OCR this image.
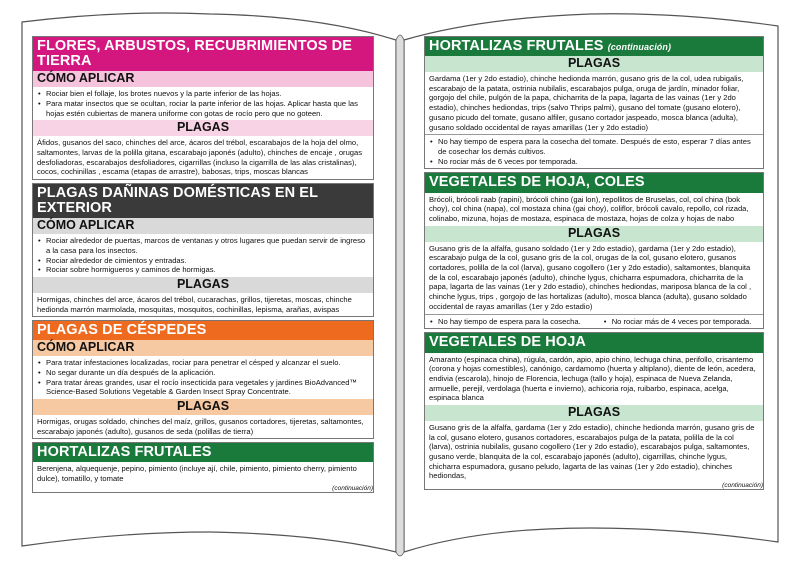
FLORES, ARBUSTOS, RECUBRIMIENTOS DE TIERRA
CÓMO APLICAR
• Rociar bien el follaje, los brotes nuevos y la parte inferior de las hojas.
• Para matar insectos que se ocultan, rociar la parte inferior de las hojas. Aplicar hasta que las hojas estén cubiertas de manera uniforme con gotas de rocío pero que no goteen.
PLAGAS
Áfidos, gusanos del saco, chinches del arce, ácaros del trébol, escarabajos de la hoja del olmo, saltamontes, larvas de la polilla gitana, escarabajo japonés (adulto), chinches de encaje , orugas desfoliadoras, escarabajos desfoliadores, cigarrillas (incluso la cigarrilla de las alas cristalinas), cocos, cochinillas , escama (etapas de arrastre), babosas, trips, moscas blancas
PLAGAS DAÑINAS DOMÉSTICAS EN EL EXTERIOR
CÓMO APLICAR
• Rociar alrededor de puertas, marcos de ventanas y otros lugares que puedan servir de ingreso a la casa para los insectos.
• Rociar alrededor de cimientos y entradas.
• Rociar sobre hormigueros y caminos de hormigas.
PLAGAS
Hormigas, chinches del arce, ácaros del trébol, cucarachas, grillos, tijeretas, moscas, chinche hedionda marrón marmolada, mosquitas, mosquitos, cochinillas, lepisma, arañas, avispas
PLAGAS DE CÉSPEDES
CÓMO APLICAR
• Para tratar infestaciones localizadas, rociar para penetrar el césped y alcanzar el suelo.
• No segar durante un día después de la aplicación.
• Para tratar áreas grandes, usar el rocío insecticida para vegetales y jardines BioAdvanced™ Science-Based Solutions Vegetable & Garden Insect Spray Concentrate.
PLAGAS
Hormigas, orugas soldado, chinches del maíz, grillos, gusanos cortadores, tijeretas, saltamontes, escarabajo japonés (adulto), gusanos de seda (polillas de tierra)
HORTALIZAS FRUTALES
Berenjena, alquequenje, pepino, pimiento (incluye ají, chile, pimiento, pimiento cherry, pimiento dulce), tomatillo, y tomate
(continuación)
HORTALIZAS FRUTALES (continuación)
PLAGAS
Gardama (1er y 2do estadio), chinche hedionda marrón, gusano gris de la col, udea rubigalis, escarabajo de la patata, ostrinia nubilalis, escarabajos pulga, oruga de jardín, minador foliar, gorgojo del chile, pulgón de la papa, chicharrita de la papa, lagarta de las vainas (1er y 2do estadio), chinches hediondas, trips (salvo Thrips palmi), gusano del tomate (gusano elotero), gusano picudo del tomate, gusano alfiler, gusano cortador jaspeado, mosca blanca (adulta), gusano soldado occidental de rayas amarillas (1er y 2do estadio)
• No hay tiempo de espera para la cosecha del tomate. Después de esto, esperar 7 días antes de cosechar los demás cultivos.
• No rociar más de 6 veces por temporada.
VEGETALES DE HOJA, COLES
Brócoli, brócoli raab (rapini), brócoli chino (gai lon), repollitos de Bruselas, col, col china (bok choy), col china (napa), col mostaza china (gai choy), coliflor, brócoli cavalo, repollo, col rizada, colinabo, mizuna, hojas de mostaza, espinaca de mostaza, hojas de colza y hojas de nabo
PLAGAS
Gusano gris de la alfalfa, gusano soldado (1er y 2do estadio), gardama (1er y 2do estadio), escarabajo pulga de la col, gusano gris de la col, orugas de la col, gusano elotero, gusanos cortadores, polilla de la col (larva), gusano cogollero (1er y 2do estadio), saltamontes, blanquita de la col, escarabajo japonés (adulto), chinche lygus, chicharra espumadora, chicharrita de la papa, lagarta de las vainas (1er y 2do estadio), chinches hediondas, mariposa blanca de la col , chinche lygus, trips , gorgojo de las hortalizas (adulto), mosca blanca (adulta), gusano soldado occidental de rayas amarillas (1er y 2do estadio)
• No hay tiempo de espera para la cosecha.
•	No rociar más de 4 veces por temporada.
VEGETALES DE HOJA
Amaranto (espinaca china), rúgula, cardón, apio, apio chino, lechuga china, perifollo, crisantemo (corona y hojas comestibles), canónigo, cardamomo (huerta y altiplano), diente de león, acedera, endivia (escarola), hinojo de Florencia, lechuga (tallo y hoja), espinaca de Nueva Zelanda, armuelle, perejil, verdolaga (huerta e invierno), achicoria roja, ruibarbo, espinaca, acelga, espinaca blanca
PLAGAS
Gusano gris de la alfalfa, gardama (1er y 2do estadio), chinche hedionda marrón, gusano gris de la col, gusano elotero, gusanos cortadores, escarabajos pulga de la patata, polilla de la col (larva), ostrinia nubilalis, gusano cogollero (1er y 2do estadio), escarabajos pulga, saltamontes, gusano verde, blanquita de la col, escarabajo japonés (adulto), cigarrillas, chinche lygus, chicharra espumadora, gusano peludo, lagarta de las vainas (1er y 2do estadio), chinches hediondas,
(continuación)
